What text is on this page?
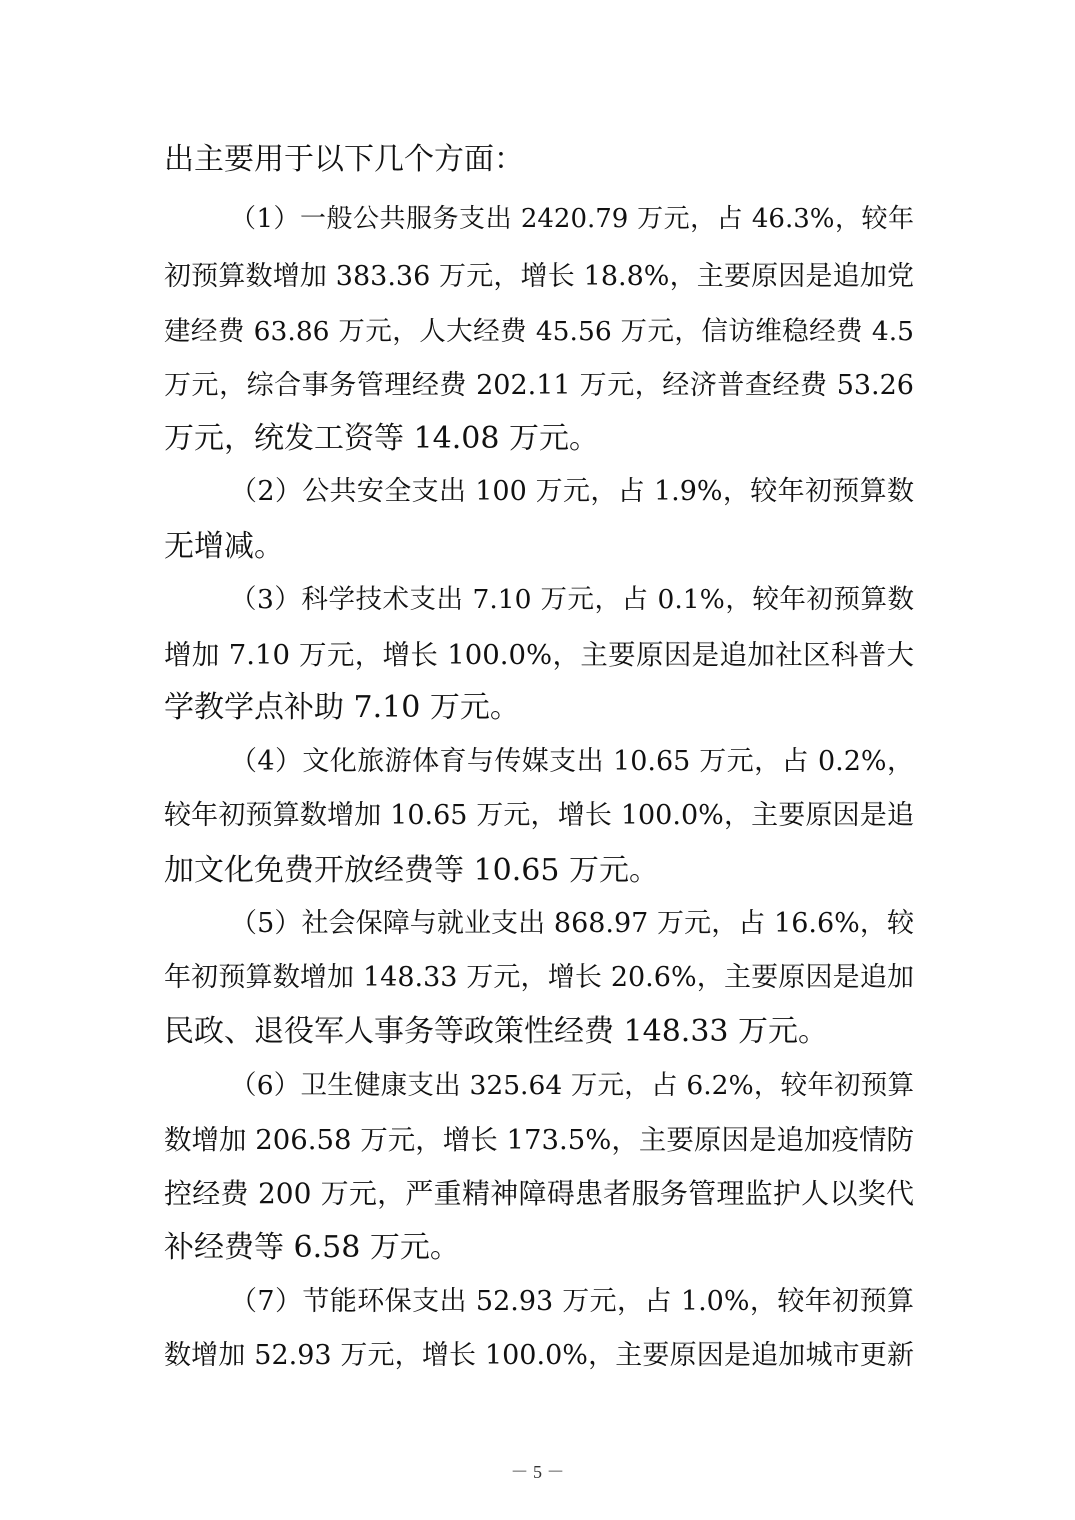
出主要用于以下几个方面：
（1）一般公共服务支出 2420.79 万元，占 46.3%，较年
初预算数增加 383.36 万元，增长 18.8%，主要原因是追加党
建经费 63.86 万元，人大经费 45.56 万元，信访维稳经费 4.5
万元，综合事务管理经费 202.11 万元，经济普查经费 53.26
万元，统发工资等 14.08 万元。
（2）公共安全支出 100 万元，占 1.9%，较年初预算数
无增减。
（3）科学技术支出 7.10 万元，占 0.1%，较年初预算数
增加 7.10 万元，增长 100.0%，主要原因是追加社区科普大
学教学点补助 7.10 万元。
（4）文化旅游体育与传媒支出 10.65 万元，占 0.2%，
较年初预算数增加 10.65 万元，增长 100.0%，主要原因是追
加文化免费开放经费等 10.65 万元。
（5）社会保障与就业支出 868.97 万元，占 16.6%，较
年初预算数增加 148.33 万元，增长 20.6%，主要原因是追加
民政、退役军人事务等政策性经费 148.33 万元。
（6）卫生健康支出 325.64 万元，占 6.2%，较年初预算
数增加 206.58 万元，增长 173.5%，主要原因是追加疫情防
控经费 200 万元，严重精神障碍患者服务管理监护人以奖代
补经费等 6.58 万元。
（7）节能环保支出 52.93 万元，占 1.0%，较年初预算
数增加 52.93 万元，增长 100.0%，主要原因是追加城市更新
－ 5 －
